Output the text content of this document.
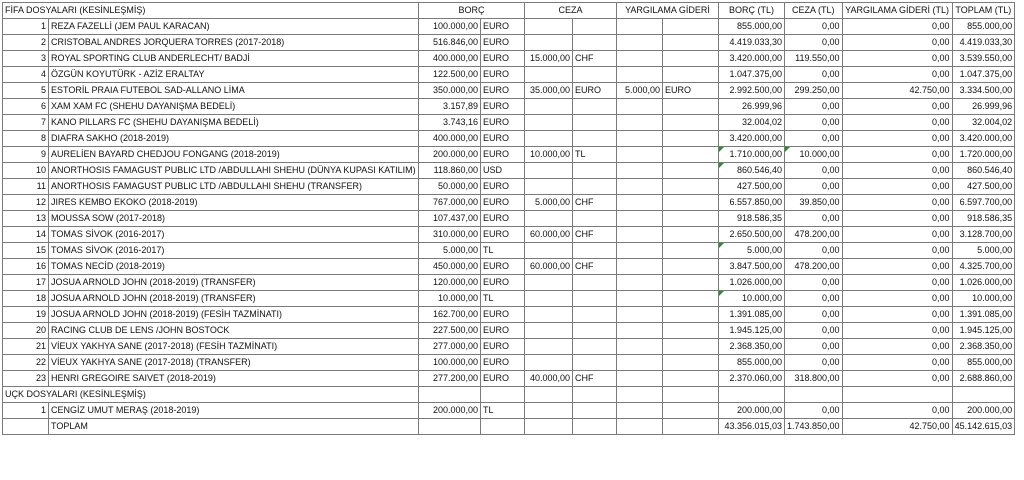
FİFA DOSYALARI (KESİNLEŞMİŞ)		BORÇ		CEZA		YARGILAMA GİDERİ		BORÇ (TL)	CEZA (TL)	YARGILAMA GİDERİ (TL)	TOPLAM (TL)
1	REZA FAZELLİ (JEM PAUL KARACAN)	100.000,00	EURO					855.000,00	0,00	0,00	855.000,00
2	CRISTOBAL ANDRES JORQUERA TORRES (2017-2018)	516.846,00	EURO					4.419.033,30	0,00	0,00	4.419.033,30
3	ROYAL SPORTING CLUB ANDERLECHT/ BADJİ	400.000,00	EURO	15.000,00	CHF			3.420.000,00	119.550,00	0,00	3.539.550,00
4	ÖZGÜN KOYUTÜRK - AZİZ ERALTAY	122.500,00	EURO					1.047.375,00	0,00	0,00	1.047.375,00
5	ESTORİL PRAIA FUTEBOL SAD-ALLANO LİMA	350.000,00	EURO	35.000,00	EURO	5.000,00	EURO	2.992.500,00	299.250,00	42.750,00	3.334.500,00
6	XAM XAM FC (SHEHU DAYANIŞMA BEDELİ)	3.157,89	EURO					26.999,96	0,00	0,00	26.999,96
7	KANO PILLARS FC (SHEHU DAYANIŞMA BEDELİ)	3.743,16	EURO					32.004,02	0,00	0,00	32.004,02
8	DIAFRA SAKHO (2018-2019)	400.000,00	EURO					3.420.000,00	0,00	0,00	3.420.000,00
9	AURELİEN BAYARD CHEDJOU FONGANG (2018-2019)	200.000,00	EURO	10.000,00	TL			1.710.000,00	10.000,00	0,00	1.720.000,00
10	ANORTHOSIS FAMAGUST PUBLIC LTD /ABDULLAHI SHEHU (DÜNYA KUPASI KATILIM)	118.860,00	USD					860.546,40	0,00	0,00	860.546,40
11	ANORTHOSIS FAMAGUST PUBLIC LTD /ABDULLAHI SHEHU (TRANSFER)	50.000,00	EURO					427.500,00	0,00	0,00	427.500,00
12	JIRES KEMBO EKOKO (2018-2019)	767.000,00	EURO	5.000,00	CHF			6.557.850,00	39.850,00	0,00	6.597.700,00
13	MOUSSA SOW (2017-2018)	107.437,00	EURO					918.586,35	0,00	0,00	918.586,35
14	TOMAS SİVOK (2016-2017)	310.000,00	EURO	60.000,00	CHF			2.650.500,00	478.200,00	0,00	3.128.700,00
15	TOMAS SİVOK (2016-2017)	5.000,00	TL					5.000,00	0,00	0,00	5.000,00
16	TOMAS NECİD (2018-2019)	450.000,00	EURO	60.000,00	CHF			3.847.500,00	478.200,00	0,00	4.325.700,00
17	JOSUA ARNOLD JOHN (2018-2019) (TRANSFER)	120.000,00	EURO					1.026.000,00	0,00	0,00	1.026.000,00
18	JOSUA ARNOLD JOHN (2018-2019) (TRANSFER)	10.000,00	TL					10.000,00	0,00	0,00	10.000,00
19	JOSUA ARNOLD JOHN (2018-2019) (FESİH TAZMİNATI)	162.700,00	EURO					1.391.085,00	0,00	0,00	1.391.085,00
20	RACING CLUB DE LENS /JOHN BOSTOCK	227.500,00	EURO					1.945.125,00	0,00	0,00	1.945.125,00
21	VİEUX YAKHYA SANE (2017-2018) (FESİH TAZMİNATI)	277.000,00	EURO					2.368.350,00	0,00	0,00	2.368.350,00
22	VİEUX YAKHYA SANE (2017-2018) (TRANSFER)	100.000,00	EURO					855.000,00	0,00	0,00	855.000,00
23	HENRI GREGOIRE SAIVET (2018-2019)	277.200,00	EURO	40.000,00	CHF			2.370.060,00	318.800,00	0,00	2.688.860,00
UÇK DOSYALARI (KESİNLEŞMİŞ)											
1	CENGİZ UMUT MERAŞ (2018-2019)	200.000,00	TL					200.000,00	0,00	0,00	200.000,00
	TOPLAM							43.356.015,03	1.743.850,00	42.750,00	45.142.615,03
